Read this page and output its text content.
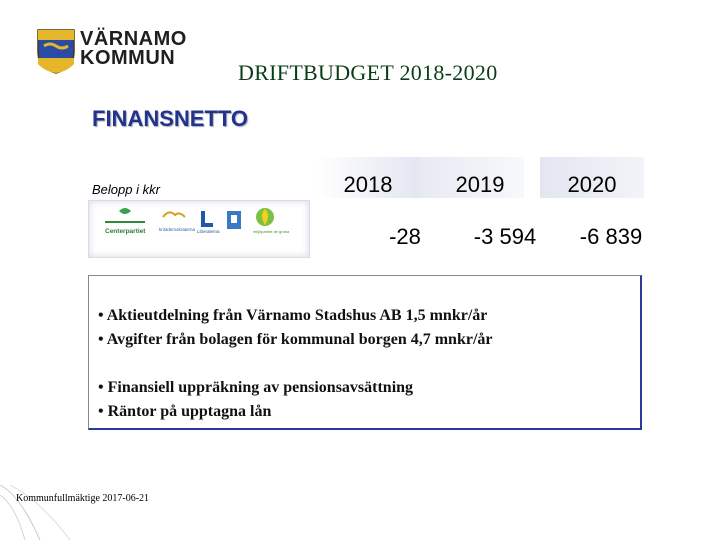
VÄRNAMO
KOMMUN
DRIFTBUDGET 2018-2020
FINANSNETTO
Belopp i kkr
Centerpartiet	kristdemokraterna Liberalerna	miljöpartiet de gröna
2018	2019	2020
-28	-3 594	-6 839
• Aktieutdelning från Värnamo Stadshus AB 1,5 mnkr/år
• Avgifter från bolagen för kommunal borgen 4,7 mnkr/år
• Finansiell uppräkning av pensionsavsättning
• Räntor på upptagna lån
Kommunfullmäktige 2017-06-21
